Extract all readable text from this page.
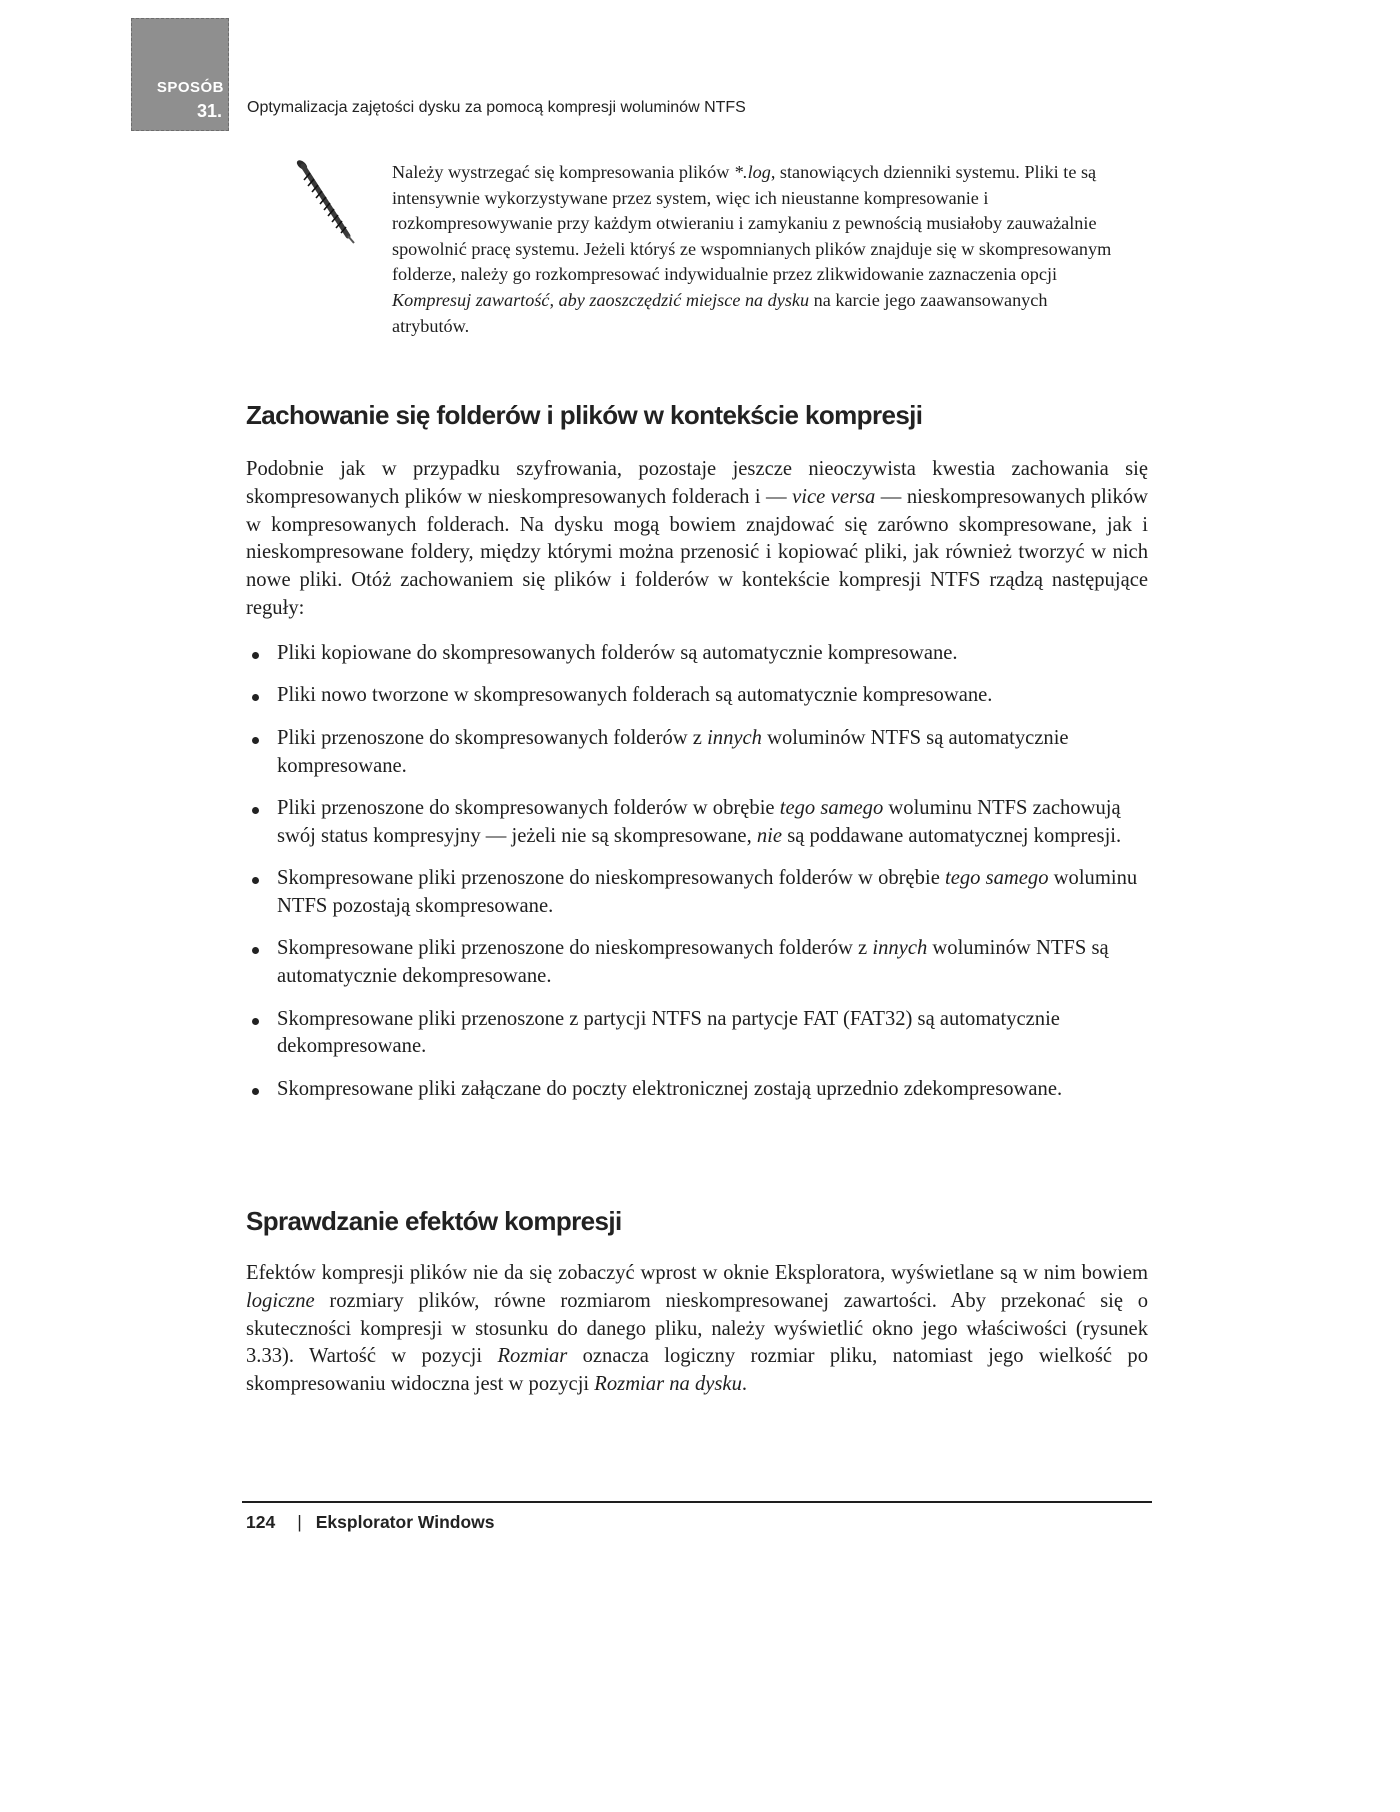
SPOSÓB
31. Optymalizacja zajętości dysku za pomocą kompresji woluminów NTFS

Należy wystrzegać się kompresowania plików *.log, stanowiących dzienniki systemu. Pliki te są intensywnie wykorzystywane przez system, więc ich nieustanne kompresowanie i rozkompresowywanie przy każdym otwieraniu i zamykaniu z pewnością musiałoby zauważalnie spowolnić pracę systemu. Jeżeli któryś ze wspomnianych plików znajduje się w skompresowanym folderze, należy go rozkompresować indywidualnie przez zlikwidowanie zaznaczenia opcji Kompresuj zawartość, aby zaoszczędzić miejsce na dysku na karcie jego zaawansowanych atrybutów.

Zachowanie się folderów i plików w kontekście kompresji

Podobnie jak w przypadku szyfrowania, pozostaje jeszcze nieoczywista kwestia zachowania się skompresowanych plików w nieskompresowanych folderach i — vice versa — nieskompresowanych plików w kompresowanych folderach. Na dysku mogą bowiem znajdować się zarówno skompresowane, jak i nieskompresowane foldery, między którymi można przenosić i kopiować pliki, jak również tworzyć w nich nowe pliki. Otóż zachowaniem się plików i folderów w kontekście kompresji NTFS rządzą następujące reguły:

Pliki kopiowane do skompresowanych folderów są automatycznie kompresowane.
Pliki nowo tworzone w skompresowanych folderach są automatycznie kompresowane.
Pliki przenoszone do skompresowanych folderów z innych woluminów NTFS są automatycznie kompresowane.
Pliki przenoszone do skompresowanych folderów w obrębie tego samego woluminu NTFS zachowują swój status kompresyjny — jeżeli nie są skompresowane, nie są poddawane automatycznej kompresji.
Skompresowane pliki przenoszone do nieskompresowanych folderów w obrębie tego samego woluminu NTFS pozostają skompresowane.
Skompresowane pliki przenoszone do nieskompresowanych folderów z innych woluminów NTFS są automatycznie dekompresowane.
Skompresowane pliki przenoszone z partycji NTFS na partycje FAT (FAT32) są automatycznie dekompresowane.
Skompresowane pliki załączane do poczty elektronicznej zostają uprzednio zdekompresowane.
Sprawdzanie efektów kompresji

Efektów kompresji plików nie da się zobaczyć wprost w oknie Eksploratora, wyświetlane są w nim bowiem logiczne rozmiary plików, równe rozmiarom nieskompresowanej zawartości. Aby przekonać się o skuteczności kompresji w stosunku do danego pliku, należy wyświetlić okno jego właściwości (rysunek 3.33). Wartość w pozycji Rozmiar oznacza logiczny rozmiar pliku, natomiast jego wielkość po skompresowaniu widoczna jest w pozycji Rozmiar na dysku.

124 | Eksplorator Windows
